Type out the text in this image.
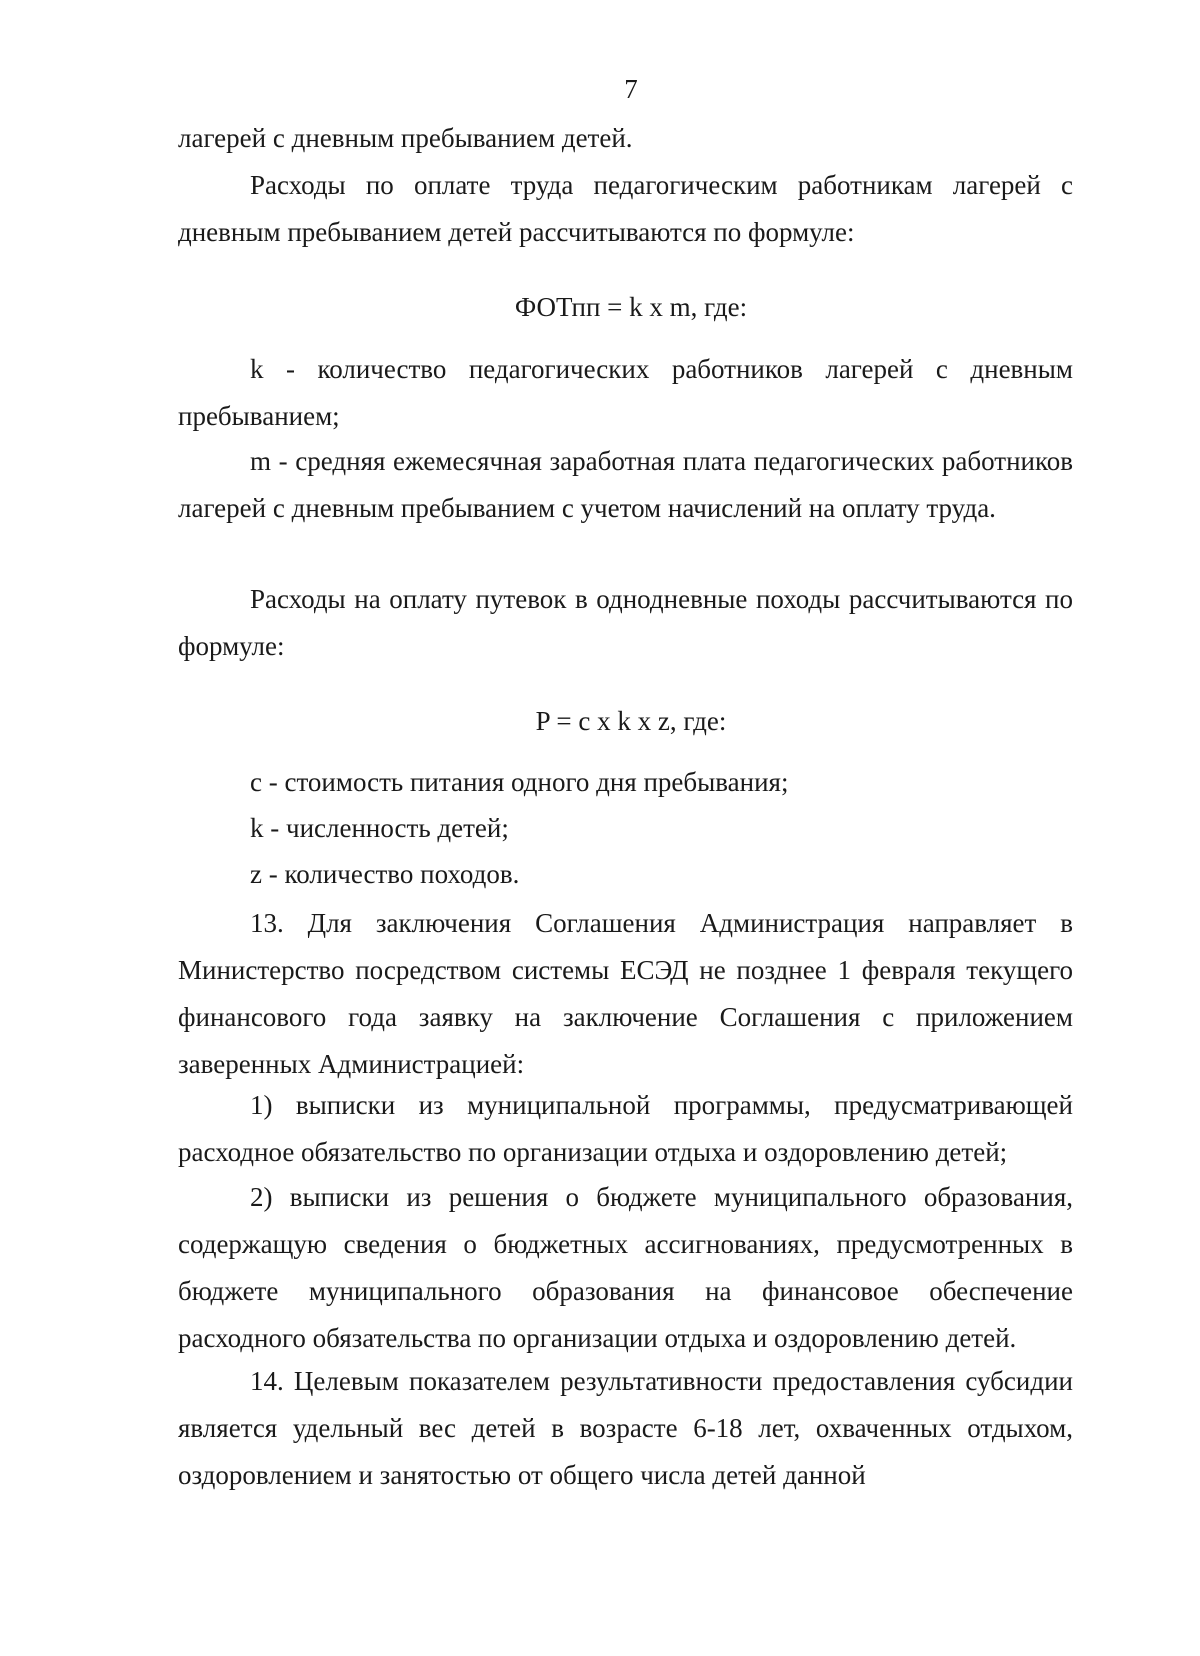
7
лагерей с дневным пребыванием детей.
Расходы по оплате труда педагогическим работникам лагерей с дневным пребыванием детей рассчитываются по формуле:
ФОТпп = k x m, где:
k - количество педагогических работников лагерей с дневным пребыванием;
m - средняя ежемесячная заработная плата педагогических работников лагерей с дневным пребыванием с учетом начислений на оплату труда.
Расходы на оплату путевок в однодневные походы рассчитываются по формуле:
P = c x k x z, где:
c - стоимость питания одного дня пребывания;
k - численность детей;
z - количество походов.
13. Для заключения Соглашения Администрация направляет в Министерство посредством системы ЕСЭД не позднее 1 февраля текущего финансового года заявку на заключение Соглашения с приложением заверенных Администрацией:
1) выписки из муниципальной программы, предусматривающей расходное обязательство по организации отдыха и оздоровлению детей;
2) выписки из решения о бюджете муниципального образования, содержащую сведения о бюджетных ассигнованиях, предусмотренных в бюджете муниципального образования на финансовое обеспечение расходного обязательства по организации отдыха и оздоровлению детей.
14. Целевым показателем результативности предоставления субсидии является удельный вес детей в возрасте 6-18 лет, охваченных отдыхом, оздоровлением и занятостью от общего числа детей данной
